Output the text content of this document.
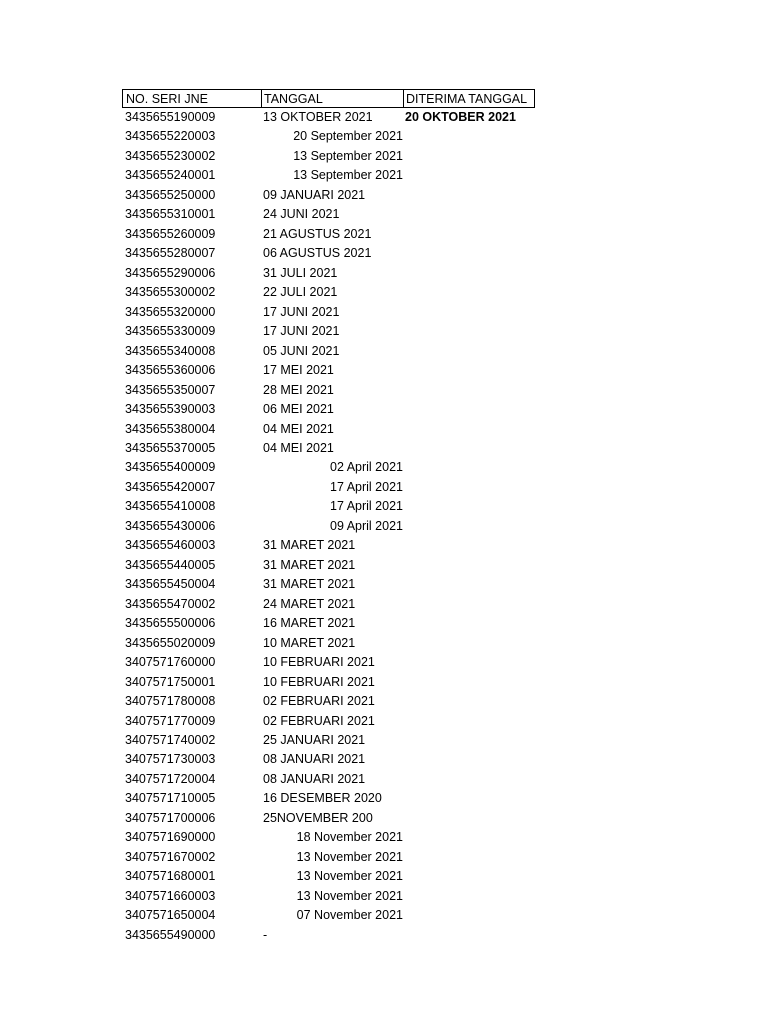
NO. SERI JNE	TANGGAL	DITERIMA TANGGAL
3435655190009	13 OKTOBER 2021	20 OKTOBER 2021
3435655220003	20 September 2021
3435655230002	13 September 2021
3435655240001	13 September 2021
3435655250000	09 JANUARI 2021
3435655310001	24 JUNI 2021
3435655260009	21 AGUSTUS 2021
3435655280007	06 AGUSTUS 2021
3435655290006	31 JULI 2021
3435655300002	22 JULI 2021
3435655320000	17 JUNI 2021
3435655330009	17 JUNI 2021
3435655340008	05 JUNI 2021
3435655360006	17 MEI 2021
3435655350007	28 MEI 2021
3435655390003	06 MEI 2021
3435655380004	04 MEI 2021
3435655370005	04 MEI 2021
3435655400009	02 April 2021
3435655420007	17 April 2021
3435655410008	17 April 2021
3435655430006	09 April 2021
3435655460003	31 MARET 2021
3435655440005	31 MARET 2021
3435655450004	31 MARET 2021
3435655470002	24 MARET 2021
3435655500006	16 MARET 2021
3435655020009	10 MARET 2021
3407571760000	10 FEBRUARI 2021
3407571750001	10 FEBRUARI 2021
3407571780008	02 FEBRUARI 2021
3407571770009	02 FEBRUARI 2021
3407571740002	25 JANUARI 2021
3407571730003	08 JANUARI 2021
3407571720004	08 JANUARI 2021
3407571710005	16 DESEMBER 2020
3407571700006	25NOVEMBER 200
3407571690000	18 November 2021
3407571670002	13 November 2021
3407571680001	13 November 2021
3407571660003	13 November 2021
3407571650004	07 November 2021
3435655490000	-
